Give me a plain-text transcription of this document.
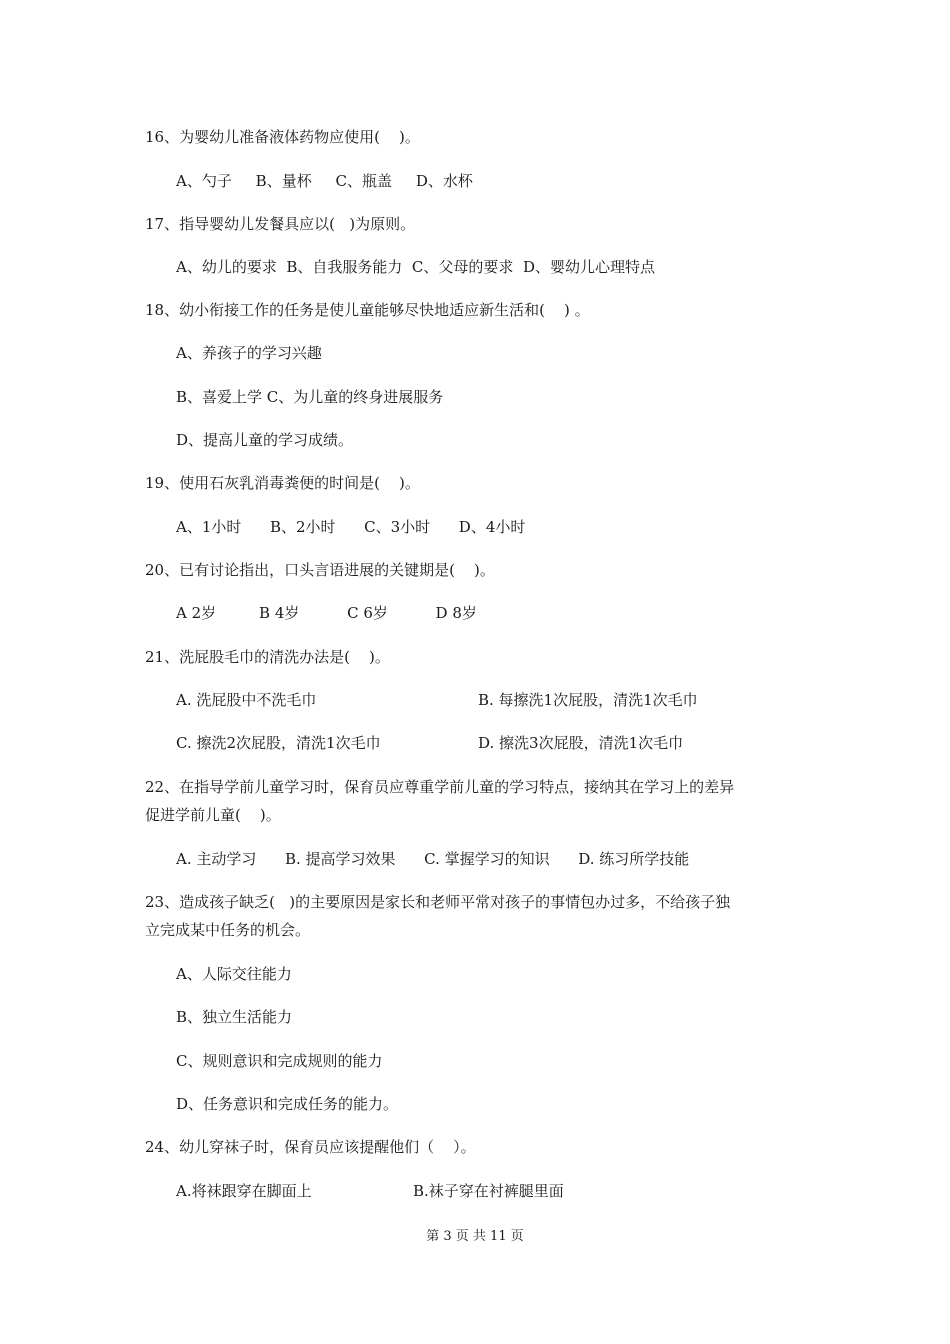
16、为婴幼儿准备液体药物应使用(    )。
A、勺子     B、量杯     C、瓶盖     D、水杯
17、指导婴幼儿发餐具应以(   )为原则。
A、幼儿的要求  B、自我服务能力  C、父母的要求  D、婴幼儿心理特点
18、幼小衔接工作的任务是使儿童能够尽快地适应新生活和(    ) 。
A、养孩子的学习兴趣
B、喜爱上学 C、为儿童的终身进展服务
D、提高儿童的学习成绩。
19、使用石灰乳消毒粪便的时间是(    )。
A、1小时      B、2小时      C、3小时      D、4小时
20、已有讨论指出，口头言语进展的关键期是(    )。
A 2岁         B 4岁          C 6岁          D 8岁
21、洗屁股毛巾的清洗办法是(    )。
A. 洗屁股中不洗毛巾	B. 每擦洗1次屁股，清洗1次毛巾
C. 擦洗2次屁股，清洗1次毛巾	D. 擦洗3次屁股，清洗1次毛巾
22、在指导学前儿童学习时，保育员应尊重学前儿童的学习特点，接纳其在学习上的差异
促进学前儿童(    )。
A. 主动学习      B. 提高学习效果      C. 掌握学习的知识      D. 练习所学技能
23、造成孩子缺乏(   )的主要原因是家长和老师平常对孩子的事情包办过多，不给孩子独
立完成某中任务的机会。
A、人际交往能力
B、独立生活能力
C、规则意识和完成规则的能力
D、任务意识和完成任务的能力。
24、幼儿穿袜子时，保育员应该提醒他们（    ）。
A.将袜跟穿在脚面上	B.袜子穿在衬裤腿里面
第 3 页 共 11 页
